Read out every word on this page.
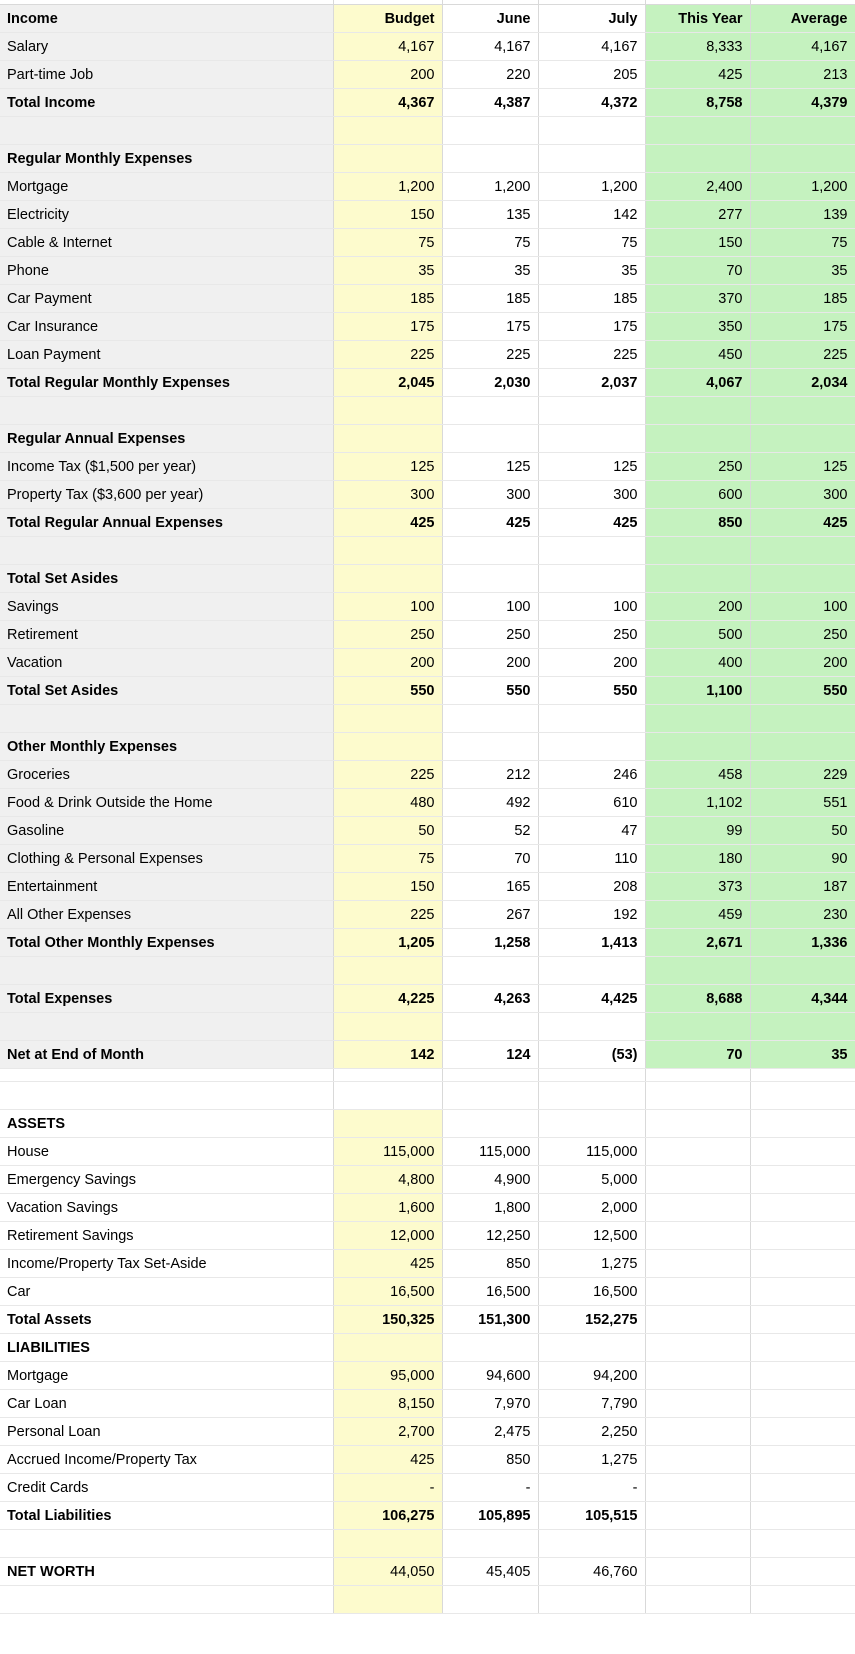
Income	Budget	June	July	This Year	Average
Salary	4,167	4,167	4,167	8,333	4,167
Part-time Job	200	220	205	425	213
Total Income	4,367	4,387	4,372	8,758	4,379

Regular Monthly Expenses					
Mortgage	1,200	1,200	1,200	2,400	1,200
Electricity	150	135	142	277	139
Cable & Internet	75	75	75	150	75
Phone	35	35	35	70	35
Car Payment	185	185	185	370	185
Car Insurance	175	175	175	350	175
Loan Payment	225	225	225	450	225
Total Regular Monthly Expenses	2,045	2,030	2,037	4,067	2,034

Regular Annual Expenses					
Income Tax ($1,500 per year)	125	125	125	250	125
Property Tax ($3,600 per year)	300	300	300	600	300
Total Regular Annual Expenses	425	425	425	850	425

Total Set Asides					
Savings	100	100	100	200	100
Retirement	250	250	250	500	250
Vacation	200	200	200	400	200
Total Set Asides	550	550	550	1,100	550

Other Monthly Expenses					
Groceries	225	212	246	458	229
Food & Drink Outside the Home	480	492	610	1,102	551
Gasoline	50	52	47	99	50
Clothing & Personal Expenses	75	70	110	180	90
Entertainment	150	165	208	373	187
All Other Expenses	225	267	192	459	230
Total Other Monthly Expenses	1,205	1,258	1,413	2,671	1,336

Total Expenses	4,225	4,263	4,425	8,688	4,344

Net at End of Month	142	124	(53)	70	35

ASSETS					
House	115,000	115,000	115,000		
Emergency Savings	4,800	4,900	5,000		
Vacation Savings	1,600	1,800	2,000		
Retirement Savings	12,000	12,250	12,500		
Income/Property Tax Set-Aside	425	850	1,275		
Car	16,500	16,500	16,500		
Total Assets	150,325	151,300	152,275		
LIABILITIES					
Mortgage	95,000	94,600	94,200		
Car Loan	8,150	7,970	7,790		
Personal Loan	2,700	2,475	2,250		
Accrued Income/Property Tax	425	850	1,275		
Credit Cards	-	-	-		
Total Liabilities	106,275	105,895	105,515		

NET WORTH	44,050	45,405	46,760		
